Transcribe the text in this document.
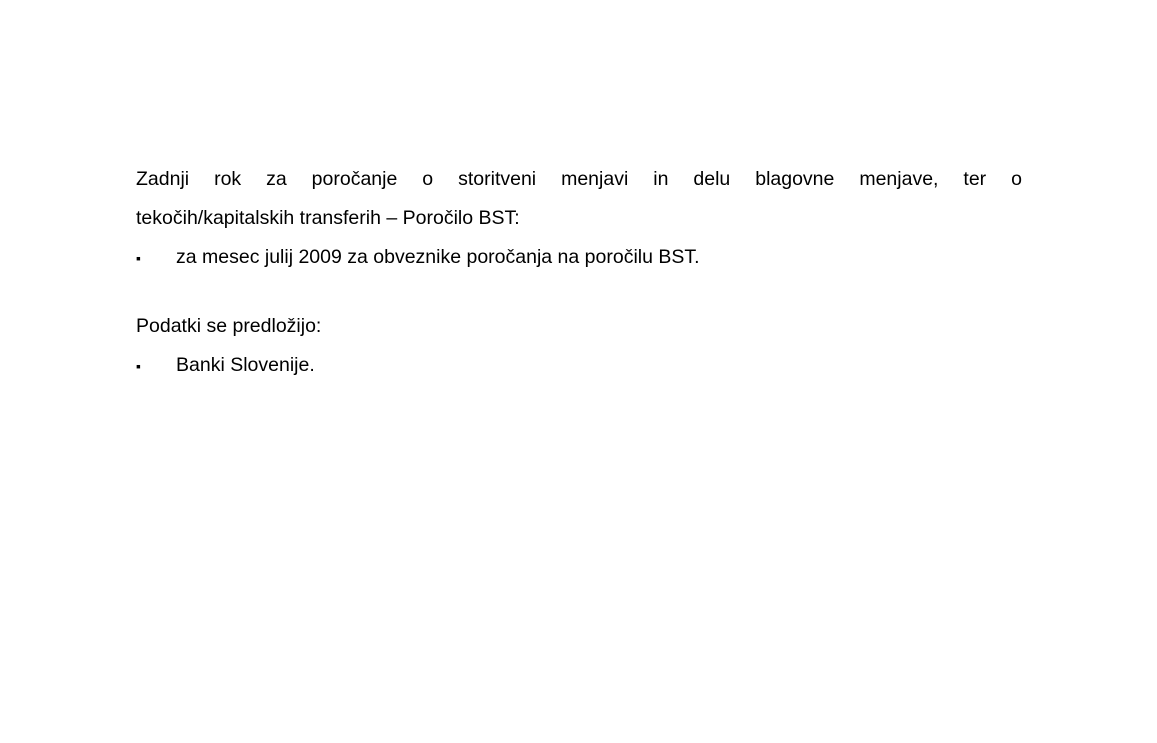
Zadnji rok za poročanje o storitveni menjavi in delu blagovne menjave, ter o
tekočih/kapitalskih transferih – Poročilo BST:

▪	za mesec julij 2009 za obveznike poročanja na poročilu BST.

Podatki se predložijo:

▪	Banki Slovenije.
